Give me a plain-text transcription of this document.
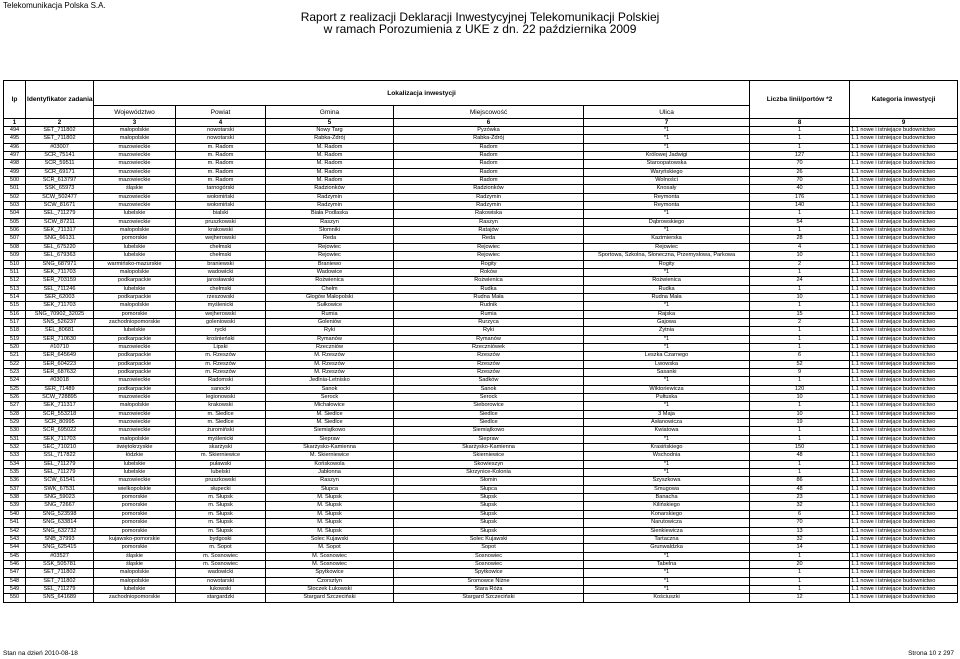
Telekomunikacja Polska S.A.
Raport z realizacji Deklaracji Inwestycyjnej Telekomunikacji Polskiej
w ramach Porozumienia z UKE z dn. 22 października 2009
lp	Identyfikator zadania	Lokalizacja inwestycji					Liczba linii/portów *2	Kategoria inwestycji
		Województwo	Powiat	Gmina	Miejscowość	Ulica		
1	2	3	4	5	6	7	8	9
494	SET_711802	małopolskie	nowotarski	Nowy Targ	Pyzówka	*1	1	1.1 nowe i istniejące budownictwo
495	SET_711802	małopolskie	nowotarski	Rabka-Zdrój	Rabka-Zdrój	*1	1	1.1 nowe i istniejące budownictwo
496	#03007	mazowieckie	m. Radom	M. Radom	Radom	*1	1	1.1 nowe i istniejące budownictwo
497	SCR_75141	mazowieckie	m. Radom	M. Radom	Radom	Królowej Jadwigi	127	1.1 nowe i istniejące budownictwo
498	SCR_59511	mazowieckie	m. Radom	M. Radom	Radom	Staroopatowska	70	1.1 nowe i istniejące budownictwo
499	SCR_69171	mazowieckie	m. Radom	M. Radom	Radom	Waryńskiego	26	1.1 nowe i istniejące budownictwo
500	SCR_613797	mazowieckie	m. Radom	M. Radom	Radom	Wolności	70	1.1 nowe i istniejące budownictwo
501	SSK_65973	śląskie	tarnogórski	Radzionków	Radzionków	Knosały	40	1.1 nowe i istniejące budownictwo
502	SCW_502477	mazowieckie	wołomiński	Radzymin	Radzymin	Reymonta	176	1.1 nowe i istniejące budownictwo
503	SCW_81671	mazowieckie	wołomiński	Radzymin	Radzymin	Reymonta	140	1.1 nowe i istniejące budownictwo
504	SEL_711279	lubelskie	bialski	Biała Podlaska	Rakowiska	*1	1	1.1 nowe i istniejące budownictwo
505	SCW_87211	mazowieckie	pruszkowski	Raszyn	Raszyn	Dąbrowskiego	54	1.1 nowe i istniejące budownictwo
506	SEK_711317	małopolskie	krakowski	Słomniki	Ratajów	*1	1	1.1 nowe i istniejące budownictwo
507	SNG_66131	pomorskie	wejherowski	Reda	Reda	Kazimierska	28	1.1 nowe i istniejące budownictwo
508	SEL_675220	lubelskie	chełmski	Rejowiec	Rejowiec	Rejowiec	4	1.1 nowe i istniejące budownictwo
509	SEL_679363	lubelskie	chełmski	Rejowiec	Rejowiec	Sportowa, Szkolna, Słoneczna, Przemysłowa, Parkowa	10	1.1 nowe i istniejące budownictwo
510	SNG_687971	warmińsko-mazurskie	braniewski	Braniewo	Rogity	Rogity	2	1.1 nowe i istniejące budownictwo
511	SEK_711703	małopolskie	wadowicki	Wadowice	Roków	*1	1	1.1 nowe i istniejące budownictwo
512	SER_703159	podkarpackie	jarosławski	Rożwienica	Rożwienica	Rożwienica	24	1.1 nowe i istniejące budownictwo
513	SEL_711246	lubelskie	chełmski	Chełm	Rudka	Rudka	1	1.1 nowe i istniejące budownictwo
514	SER_62003	podkarpackie	rzeszowski	Głogów Małopolski	Rudna Mała	Rudna Mała	10	1.1 nowe i istniejące budownictwo
515	SEK_711703	małopolskie	myślenicki	Sułkowice	Rudnik	*1	1	1.1 nowe i istniejące budownictwo
516	SNG_70902_32025	pomorskie	wejherowski	Rumia	Rumia	Rajska	15	1.1 nowe i istniejące budownictwo
517	SNS_526237	zachodniopomorskie	goleniowski	Goleniów	Rurzyca	Gajowa	2	1.1 nowe i istniejące budownictwo
518	SEL_80681	lubelskie	rycki	Ryki	Ryki	Żytnia	1	1.1 nowe i istniejące budownictwo
519	SER_710630	podkarpackie	krośnieński	Rymanów	Rymanów	*1	1	1.1 nowe i istniejące budownictwo
520	#10710	mazowieckie	Lipski	Rzeczniów	Rzeczniówek	*1	1	1.1 nowe i istniejące budownictwo
521	SER_645649	podkarpackie	m. Rzeszów	M. Rzeszów	Rzeszów	Leszka Czarnego	6	1.1 nowe i istniejące budownictwo
522	SER_604223	podkarpackie	m. Rzeszów	M. Rzeszów	Rzeszów	Lwowska	52	1.1 nowe i istniejące budownictwo
523	SER_687632	podkarpackie	m. Rzeszów	M. Rzeszów	Rzeszów	Sasanki	9	1.1 nowe i istniejące budownictwo
524	#03018	mazowieckie	Radomski	Jedlnia-Letnisko	Sadków	*1	1	1.1 nowe i istniejące budownictwo
525	SER_71489	podkarpackie	sanocki	Sanok	Sanok	Wiktoriewicza	120	1.1 nowe i istniejące budownictwo
526	SCW_728895	mazowieckie	legionowski	Serock	Serock	Pułtuska	10	1.1 nowe i istniejące budownictwo
527	SEK_711317	małopolskie	krakowski	Michałowice	Sieborowice	*1	1	1.1 nowe i istniejące budownictwo
528	SCR_553218	mazowieckie	m. Siedlce	M. Siedlce	Siedlce	3 Maja	10	1.1 nowe i istniejące budownictwo
529	SCR_80995	mazowieckie	m. Siedlce	M. Siedlce	Siedlce	Asłanowicza	19	1.1 nowe i istniejące budownictwo
530	SCR_695022	mazowieckie	żuromiński	Siemiątkowo	Siemiątkowo	Kwiatowa	1	1.1 nowe i istniejące budownictwo
531	SEK_711703	małopolskie	myślenicki	Siepraw	Siepraw	*1	1	1.1 nowe i istniejące budownictwo
532	SEC_710210	świętokrzyskie	skarżyski	Skarżysko-Kamienna	Skarżysko-Kamienna	Krasińskiego	150	1.1 nowe i istniejące budownictwo
533	SSL_717822	łódzkie	m. Skierniewice	M. Skierniewice	Skierniewice	Wschodnia	48	1.1 nowe i istniejące budownictwo
534	SEL_711279	lubelskie	puławski	Końskowola	Skowieszyn	*1	1	1.1 nowe i istniejące budownictwo
535	SEL_711279	lubelskie	lubelski	Jabłonna	Skrzynice-Kolonia	*1	1	1.1 nowe i istniejące budownictwo
536	SCW_61541	mazowieckie	pruszkowski	Raszyn	Słomin	Szyszkowa	86	1.1 nowe i istniejące budownictwo
537	SWK_67531	wielkopolskie	słupecki	Słupca	Słupca	Smugowa	48	1.1 nowe i istniejące budownictwo
538	SNG_59023	pomorskie	m. Słupsk	M. Słupsk	Słupsk	Banacha	23	1.1 nowe i istniejące budownictwo
539	SNG_72667	pomorskie	m. Słupsk	M. Słupsk	Słupsk	Kilińskiego	32	1.1 nowe i istniejące budownictwo
540	SNG_523598	pomorskie	m. Słupsk	M. Słupsk	Słupsk	Konarskiego	6	1.1 nowe i istniejące budownictwo
541	SNG_633814	pomorskie	m. Słupsk	M. Słupsk	Słupsk	Narutowicza	70	1.1 nowe i istniejące budownictwo
542	SNG_632732	pomorskie	m. Słupsk	M. Słupsk	Słupsk	Sienkiewicza	13	1.1 nowe i istniejące budownictwo
543	SNB_37993	kujawsko-pomorskie	bydgoski	Solec Kujawski	Solec Kujawski	Tartaczna	32	1.1 nowe i istniejące budownictwo
544	SNG_625415	pomorskie	m. Sopot	M. Sopot	Sopot	Grunwaldzka	14	1.1 nowe i istniejące budownictwo
545	#03527	śląskie	m. Sosnowiec	M. Sosnowiec	Sosnowiec	*1	1	1.1 nowe i istniejące budownictwo
546	SSK_505781	śląskie	m. Sosnowiec	M. Sosnowiec	Sosnowiec	Tabelna	20	1.1 nowe i istniejące budownictwo
547	SET_711802	małopolskie	wadowicki	Spytkowice	Spytkowice	*1	1	1.1 nowe i istniejące budownictwo
548	SET_711802	małopolskie	nowotarski	Czorsztyn	Sromowce Niżne	*1	1	1.1 nowe i istniejące budownictwo
549	SEL_711279	lubelskie	łukowski	Stoczek Łukowski	Stara Róża	*1	1	1.1 nowe i istniejące budownictwo
550	SNS_641689	zachodniopomorskie	stargardzki	Stargard Szczeciński	Stargard Szczeciński	Kościuszki	12	1.1 nowe i istniejące budownictwo
Stan na dzień 2010-08-18	Strona 10 z 297
